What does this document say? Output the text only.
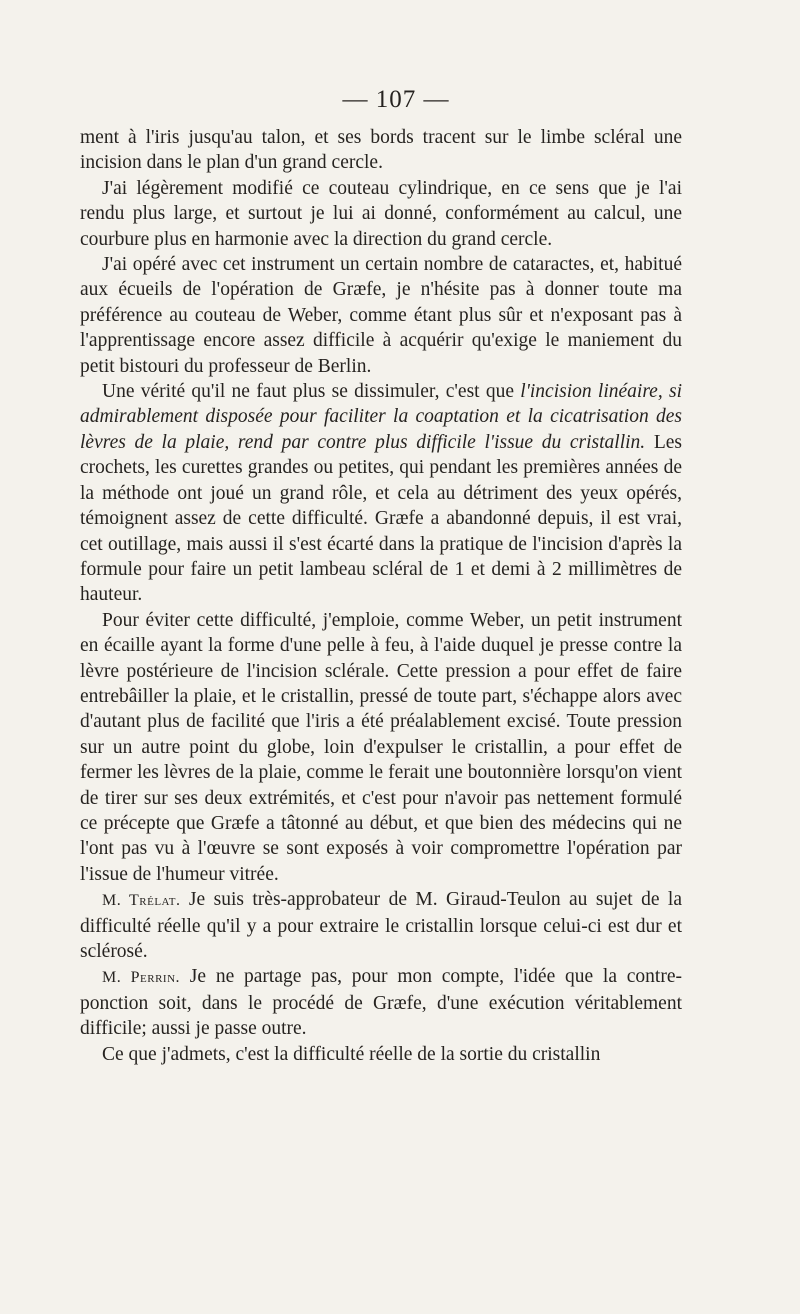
— 107 —

ment à l'iris jusqu'au talon, et ses bords tracent sur le limbe scléral une incision dans le plan d'un grand cercle.

J'ai légèrement modifié ce couteau cylindrique, en ce sens que je l'ai rendu plus large, et surtout je lui ai donné, conformément au calcul, une courbure plus en harmonie avec la direction du grand cercle.

J'ai opéré avec cet instrument un certain nombre de cataractes, et, habitué aux écueils de l'opération de Græfe, je n'hésite pas à donner toute ma préférence au couteau de Weber, comme étant plus sûr et n'exposant pas à l'apprentissage encore assez difficile à acquérir qu'exige le maniement du petit bistouri du professeur de Berlin.

Une vérité qu'il ne faut plus se dissimuler, c'est que l'incision linéaire, si admirablement disposée pour faciliter la coaptation et la cicatrisation des lèvres de la plaie, rend par contre plus difficile l'issue du cristallin. Les crochets, les curettes grandes ou petites, qui pendant les premières années de la méthode ont joué un grand rôle, et cela au détriment des yeux opérés, témoignent assez de cette difficulté. Græfe a abandonné depuis, il est vrai, cet outillage, mais aussi il s'est écarté dans la pratique de l'incision d'après la formule pour faire un petit lambeau scléral de 1 et demi à 2 millimètres de hauteur.

Pour éviter cette difficulté, j'emploie, comme Weber, un petit instrument en écaille ayant la forme d'une pelle à feu, à l'aide duquel je presse contre la lèvre postérieure de l'incision sclérale. Cette pression a pour effet de faire entrebâiller la plaie, et le cristallin, pressé de toute part, s'échappe alors avec d'autant plus de facilité que l'iris a été préalablement excisé. Toute pression sur un autre point du globe, loin d'expulser le cristallin, a pour effet de fermer les lèvres de la plaie, comme le ferait une boutonnière lorsqu'on vient de tirer sur ses deux extrémités, et c'est pour n'avoir pas nettement formulé ce précepte que Græfe a tâtonné au début, et que bien des médecins qui ne l'ont pas vu à l'œuvre se sont exposés à voir compromettre l'opération par l'issue de l'humeur vitrée.

M. Trélat. Je suis très-approbateur de M. Giraud-Teulon au sujet de la difficulté réelle qu'il y a pour extraire le cristallin lorsque celui-ci est dur et sclérosé.

M. Perrin. Je ne partage pas, pour mon compte, l'idée que la contre-ponction soit, dans le procédé de Græfe, d'une exécution véritablement difficile; aussi je passe outre.

Ce que j'admets, c'est la difficulté réelle de la sortie du cristallin
